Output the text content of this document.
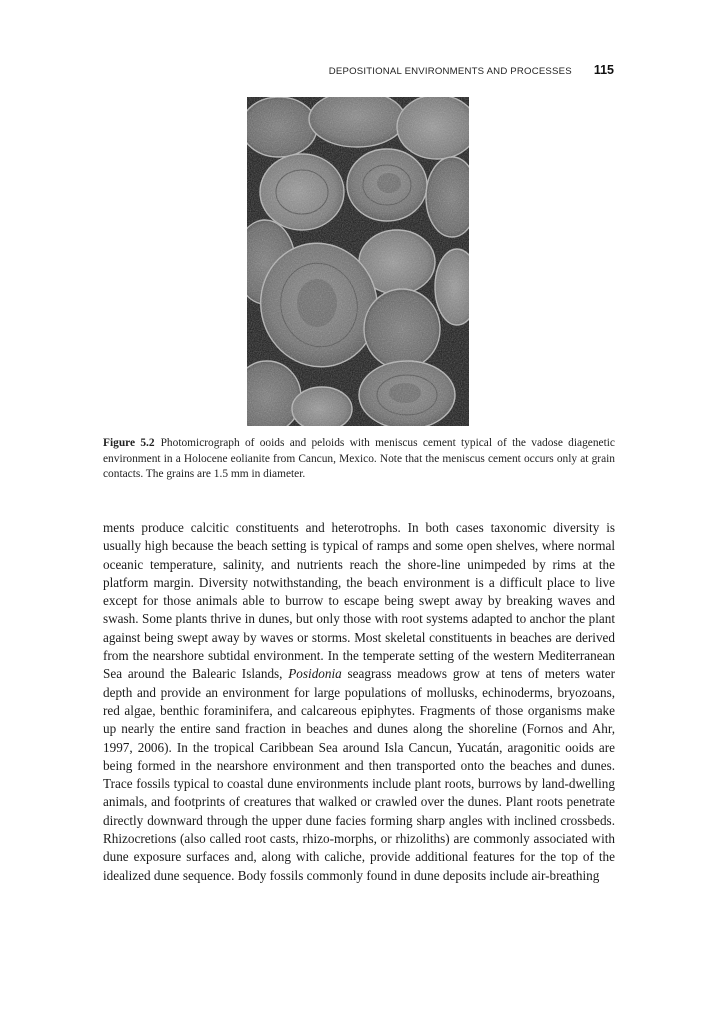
DEPOSITIONAL ENVIRONMENTS AND PROCESSES 115
Figure 5.2 Photomicrograph of ooids and peloids with meniscus cement typical of the vadose diagenetic environment in a Holocene eolianite from Cancun, Mexico. Note that the meniscus cement occurs only at grain contacts. The grains are 1.5 mm in diameter.
ments produce calcitic constituents and heterotrophs. In both cases taxonomic diversity is usually high because the beach setting is typical of ramps and some open shelves, where normal oceanic temperature, salinity, and nutrients reach the shore-line unimpeded by rims at the platform margin. Diversity notwithstanding, the beach environment is a difficult place to live except for those animals able to burrow to escape being swept away by breaking waves and swash. Some plants thrive in dunes, but only those with root systems adapted to anchor the plant against being swept away by waves or storms. Most skeletal constituents in beaches are derived from the nearshore subtidal environment. In the temperate setting of the western Mediterranean Sea around the Balearic Islands, Posidonia seagrass meadows grow at tens of meters water depth and provide an environment for large populations of mollusks, echinoderms, bryozoans, red algae, benthic foraminifera, and calcareous epiphytes. Fragments of those organisms make up nearly the entire sand fraction in beaches and dunes along the shoreline (Fornos and Ahr, 1997, 2006). In the tropical Caribbean Sea around Isla Cancun, Yucatán, aragonitic ooids are being formed in the nearshore environment and then transported onto the beaches and dunes. Trace fossils typical to coastal dune environments include plant roots, burrows by land-dwelling animals, and footprints of creatures that walked or crawled over the dunes. Plant roots penetrate directly downward through the upper dune facies forming sharp angles with inclined crossbeds. Rhizocretions (also called root casts, rhizo-morphs, or rhizoliths) are commonly associated with dune exposure surfaces and, along with caliche, provide additional features for the top of the idealized dune sequence. Body fossils commonly found in dune deposits include air-breathing
